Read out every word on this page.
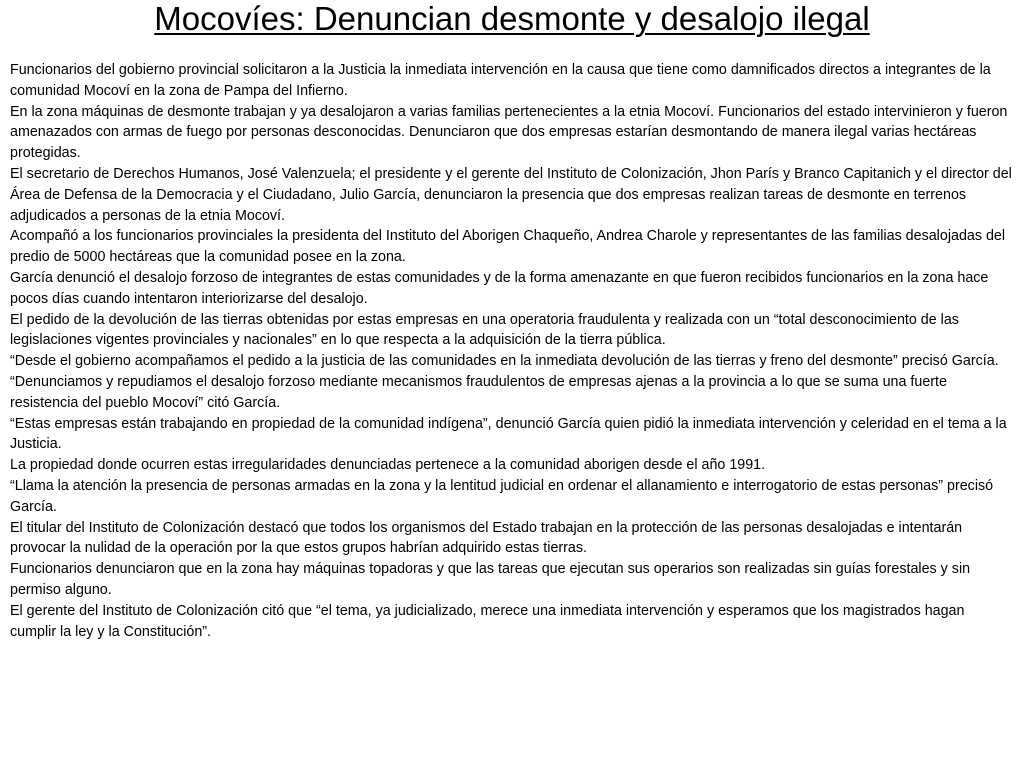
Mocovíes: Denuncian desmonte y desalojo ilegal

Funcionarios del gobierno provincial solicitaron a la Justicia la inmediata intervención en la causa que tiene como damnificados directos a integrantes de la comunidad Mocoví en la zona de Pampa del Infierno.

En la zona máquinas de desmonte trabajan y ya desalojaron a varias familias pertenecientes a la etnia Mocoví. Funcionarios del estado intervinieron y fueron amenazados con armas de fuego por personas desconocidas. Denunciaron que dos empresas estarían desmontando de manera ilegal varias hectáreas protegidas.

El secretario de Derechos Humanos, José Valenzuela; el presidente y el gerente del Instituto de Colonización, Jhon París y Branco Capitanich y el director del Área de Defensa de la Democracia y el Ciudadano, Julio García, denunciaron la presencia que dos empresas realizan tareas de desmonte en terrenos adjudicados a personas de la etnia Mocoví.

Acompañó a los funcionarios provinciales la presidenta del Instituto del Aborigen Chaqueño, Andrea Charole y representantes de las familias desalojadas del predio de 5000 hectáreas que la comunidad posee en la zona.

García denunció el desalojo forzoso de integrantes de estas comunidades y de la forma amenazante en que fueron recibidos funcionarios en la zona hace pocos días cuando intentaron interiorizarse del desalojo.

El pedido de la devolución de las tierras obtenidas por estas empresas en una operatoria fraudulenta y realizada con un “total desconocimiento de las legislaciones vigentes provinciales y nacionales” en lo que respecta a la adquisición de la tierra pública.

“Desde el gobierno acompañamos el pedido a la justicia de las comunidades en la inmediata devolución de las tierras y freno del desmonte” precisó García.

“Denunciamos y repudiamos el desalojo forzoso mediante mecanismos fraudulentos de empresas ajenas a la provincia a lo que se suma una fuerte resistencia del pueblo Mocoví” citó García.

“Estas empresas están trabajando en propiedad de la comunidad indígena”, denunció García quien pidió la inmediata intervención y celeridad en el tema a la Justicia.

La propiedad donde ocurren estas irregularidades denunciadas pertenece a la comunidad aborigen desde el año 1991.

“Llama la atención la presencia de personas armadas en la zona y la lentitud judicial en ordenar el allanamiento e interrogatorio de estas personas” precisó García.

El titular del Instituto de Colonización destacó que todos los organismos del Estado trabajan en la protección de las personas desalojadas e intentarán provocar la nulidad de la operación por la que estos grupos habrían adquirido estas tierras.

Funcionarios denunciaron que en la zona hay máquinas topadoras y que las tareas que ejecutan sus operarios son realizadas sin guías forestales y sin permiso alguno.

El gerente del Instituto de Colonización citó que “el tema, ya judicializado, merece una inmediata intervención y esperamos que los magistrados hagan cumplir la ley y la Constitución”.
